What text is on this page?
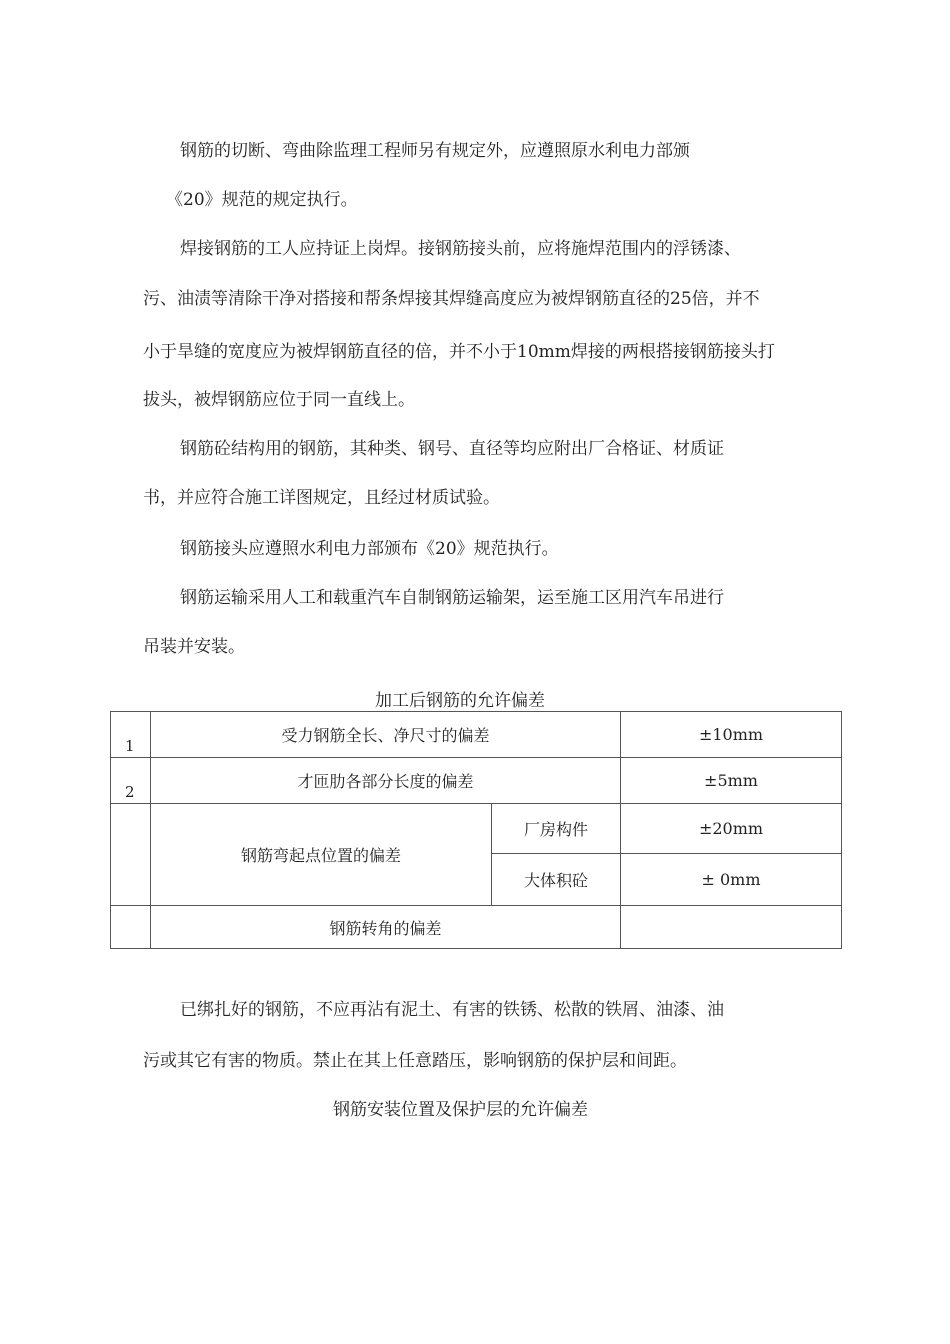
钢筋的切断、弯曲除监理工程师另有规定外，应遵照原水利电力部颁
《20》规范的规定执行。
焊接钢筋的工人应持证上岗焊。接钢筋接头前，应将施焊范围内的浮锈漆、
污、油渍等清除干净对搭接和帮条焊接其焊缝高度应为被焊钢筋直径的25倍，并不
小于旱缝的宽度应为被焊钢筋直径的倍，并不小于10mm焊接的两根搭接钢筋接头打
拔头，被焊钢筋应位于同一直线上。
钢筋砼结构用的钢筋，其种类、钢号、直径等均应附出厂合格证、材质证
书，并应符合施工详图规定，且经过材质试验。
钢筋接头应遵照水利电力部颁布《20》规范执行。
钢筋运输采用人工和载重汽车自制钢筋运输架，运至施工区用汽车吊进行
吊装并安装。
加工后钢筋的允许偏差
1	受力钢筋全长、净尺寸的偏差		±10mm
2	才匝肋各部分长度的偏差		±5mm
	钢筋弯起点位置的偏差	厂房构件	±20mm
		大体积砼	± 0mm
	钢筋转角的偏差		
已绑扎好的钢筋，不应再沾有泥土、有害的铁锈、松散的铁屑、油漆、油
污或其它有害的物质。禁止在其上任意踏压，影响钢筋的保护层和间距。
钢筋安装位置及保护层的允许偏差
